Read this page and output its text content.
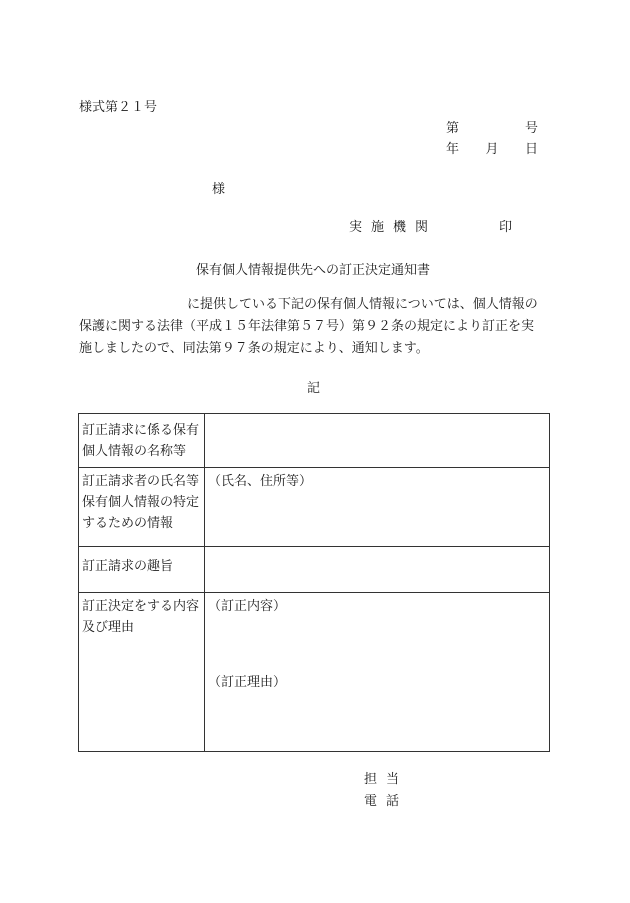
様式第２１号
第	号
年 月 日
様
実施機関	印
保有個人情報提供先への訂正決定通知書

に提供している下記の保有個人情報については、個人情報の

保護に関する法律（平成１５年法律第５７号）第９２条の規定により訂正を実

施しましたので、同法第９７条の規定により、通知します。

記
訂正請求に係る保有個人情報の名称等	
訂正請求者の氏名等保有個人情報の特定するための情報	（氏名、住所等）
訂正請求の趣旨	
訂正決定をする内容及び理由	（訂正内容）
（訂正理由）
担当
電話
